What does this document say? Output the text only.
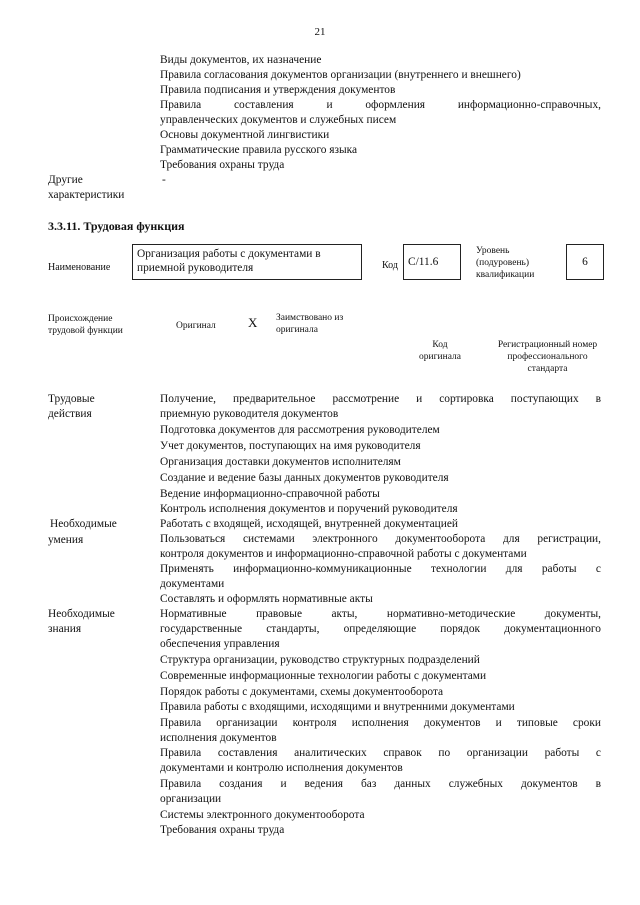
21
Виды документов, их назначение
Правила согласования документов организации (внутреннего и внешнего)
Правила подписания и утверждения документов
Правила составления и оформления информационно-справочных,
управленческих документов и служебных писем
Основы документной лингвистики
Грамматические правила русского языка
Требования охраны труда
Другие
характеристики
-
3.3.11. Трудовая функция
Наименование
Организация работы с документами в приемной руководителя	Код С/11.6
Уровень
(подуровень)
квалификации
6
Происхождение
трудовой функции	Оригинал X Заимствовано из
оригинала
Код
оригинала
Регистрационный номер
профессионального
стандарта
Трудовые
действия
Получение, предварительное рассмотрение и сортировка поступающих в
приемную руководителя документов
Подготовка документов для рассмотрения руководителем
Учет документов, поступающих на имя руководителя
Организация доставки документов исполнителям
Создание и ведение базы данных документов руководителя
Ведение информационно-справочной работы
Контроль исполнения документов и поручений руководителя
Необходимые
умения
Работать с входящей, исходящей, внутренней документацией
Пользоваться системами электронного документооборота для регистрации,
контроля документов и информационно-справочной работы с документами
Применять информационно-коммуникационные технологии для работы с
документами
Составлять и оформлять нормативные акты
Необходимые
знания
Нормативные правовые акты, нормативно-методические документы,
государственные стандарты, определяющие порядок документационного
обеспечения управления
Структура организации, руководство структурных подразделений
Современные информационные технологии работы с документами
Порядок работы с документами, схемы документооборота
Правила работы с входящими, исходящими и внутренними документами
Правила организации контроля исполнения документов и типовые сроки
исполнения документов
Правила составления аналитических справок по организации работы с
документами и контролю исполнения документов
Правила создания и ведения баз данных служебных документов в
организации
Системы электронного документооборота
Требования охраны труда
